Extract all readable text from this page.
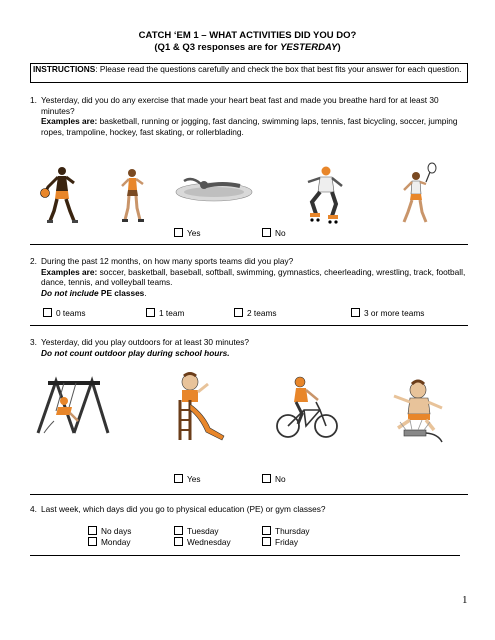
CATCH ‘EM 1 – WHAT ACTIVITIES DID YOU DO?
(Q1 & Q3 responses are for YESTERDAY)
INSTRUCTIONS: Please read the questions carefully and check the box that best fits your answer for each question.
1. Yesterday, did you do any exercise that made your heart beat fast and made you breathe hard for at least 30 minutes?
Examples are: basketball, running or jogging, fast dancing, swimming laps, tennis, fast bicycling, soccer, jumping ropes, trampoline, hockey, fast skating, or rollerblading.
Yes	No
2. During the past 12 months, on how many sports teams did you play?
Examples are: soccer, basketball, baseball, softball, swimming, gymnastics, cheerleading, wrestling, track, football, dance, tennis, and volleyball teams.
Do not include PE classes.
0 teams	1 team	2 teams	3 or more teams
3. Yesterday, did you play outdoors for at least 30 minutes?
Do not count outdoor play during school hours.
Yes	No
4. Last week, which days did you go to physical education (PE) or gym classes?
No days	Tuesday	Thursday
Monday	Wednesday	Friday
1
